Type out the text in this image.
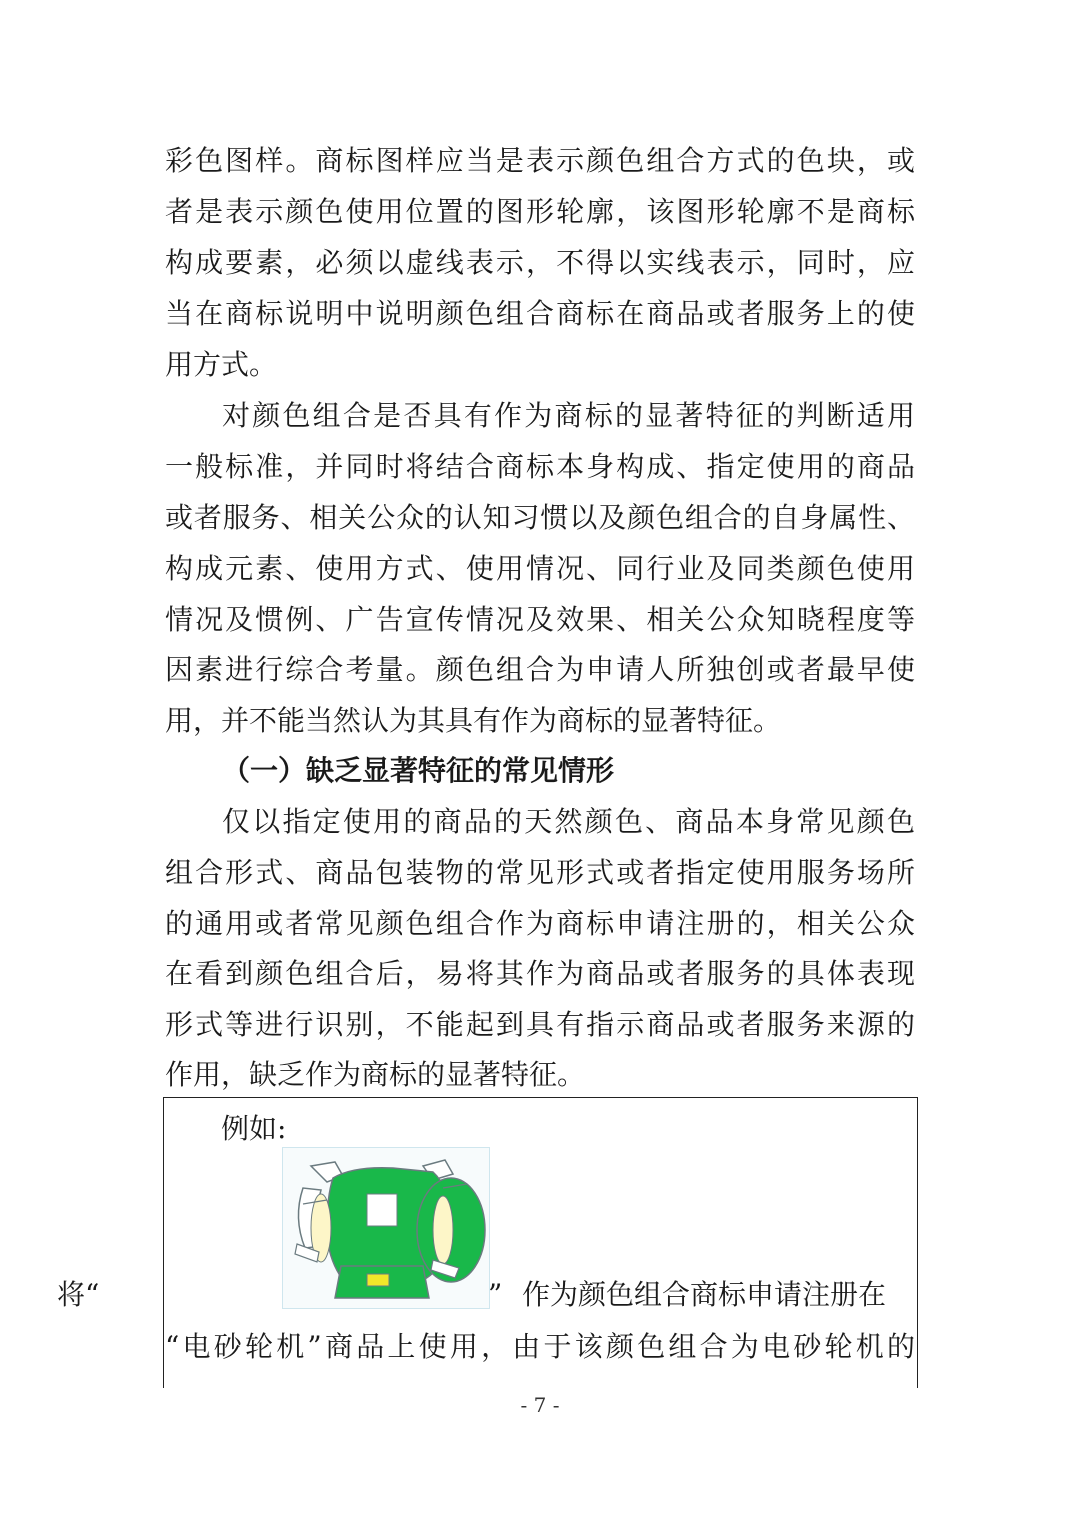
彩色图样。商标图样应当是表示颜色组合方式的色块，或
者是表示颜色使用位置的图形轮廓，该图形轮廓不是商标
构成要素，必须以虚线表示，不得以实线表示，同时，应
当在商标说明中说明颜色组合商标在商品或者服务上的使
用方式。
对颜色组合是否具有作为商标的显著特征的判断适用
一般标准，并同时将结合商标本身构成、指定使用的商品
或者服务、相关公众的认知习惯以及颜色组合的自身属性、
构成元素、使用方式、使用情况、同行业及同类颜色使用
情况及惯例、广告宣传情况及效果、相关公众知晓程度等
因素进行综合考量。颜色组合为申请人所独创或者最早使
用，并不能当然认为其具有作为商标的显著特征。
（一）缺乏显著特征的常见情形
仅以指定使用的商品的天然颜色、商品本身常见颜色
组合形式、商品包装物的常见形式或者指定使用服务场所
的通用或者常见颜色组合作为商标申请注册的，相关公众
在看到颜色组合后，易将其作为商品或者服务的具体表现
形式等进行识别，不能起到具有指示商品或者服务来源的
作用，缺乏作为商标的显著特征。
例如:
将“	” 作为颜色组合商标申请注册在
“电砂轮机”商品上使用，由于该颜色组合为电砂轮机的
- 7 -
